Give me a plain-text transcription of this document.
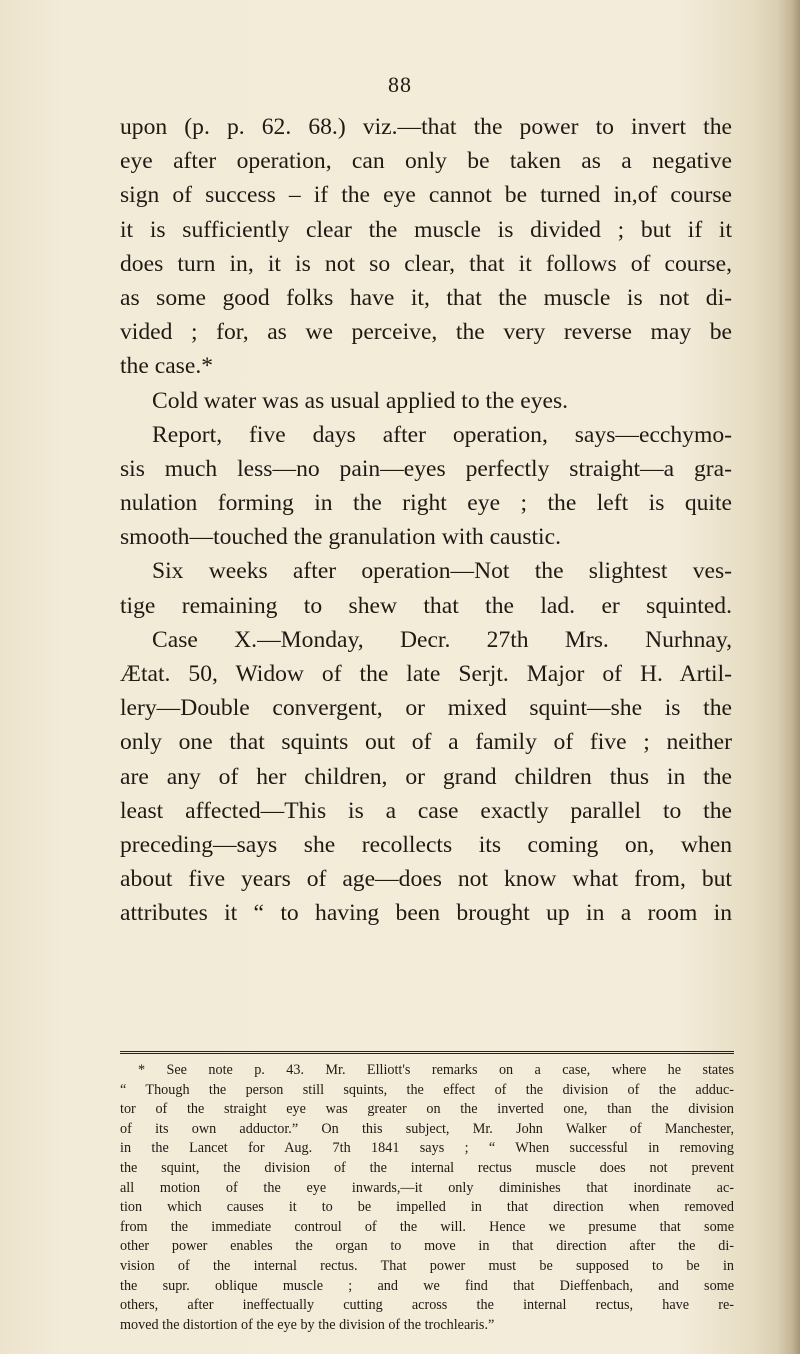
88
upon (p. p. 62. 68.) viz.—that the power to invert the
eye after operation, can only be taken as a negative
sign of success – if the eye cannot be turned in,of course
it is sufficiently clear the muscle is divided ; but if it
does turn in, it is not so clear, that it follows of course,
as some good folks have it, that the muscle is not di-
vided ; for, as we perceive, the very reverse may be
the case.*
Cold water was as usual applied to the eyes.
Report, five days after operation, says—ecchymo-
sis much less—no pain—eyes perfectly straight—a gra-
nulation forming in the right eye ; the left is quite
smooth—touched the granulation with caustic.
Six weeks after operation—Not the slightest ves-
tige remaining to shew that the lad. er squinted.
Case X.—Monday, Decr. 27th Mrs. Nurhnay,
Ætat. 50, Widow of the late Serjt. Major of H. Artil-
lery—Double convergent, or mixed squint—she is the
only one that squints out of a family of five ; neither
are any of her children, or grand children thus in the
least affected—This is a case exactly parallel to the
preceding—says she recollects its coming on, when
about five years of age—does not know what from, but
attributes it “ to having been brought up in a room in
* See note p. 43. Mr. Elliott's remarks on a case, where he states
“ Though the person still squints, the effect of the division of the adduc-
tor of the straight eye was greater on the inverted one, than the division
of its own adductor.” On this subject, Mr. John Walker of Manchester,
in the Lancet for Aug. 7th 1841 says ; “ When successful in removing
the squint, the division of the internal rectus muscle does not prevent
all motion of the eye inwards,—it only diminishes that inordinate ac-
tion which causes it to be impelled in that direction when removed
from the immediate controul of the will. Hence we presume that some
other power enables the organ to move in that direction after the di-
vision of the internal rectus. That power must be supposed to be in
the supr. oblique muscle ; and we find that Dieffenbach, and some
others, after ineffectually cutting across the internal rectus, have re-
moved the distortion of the eye by the division of the trochlearis.”
